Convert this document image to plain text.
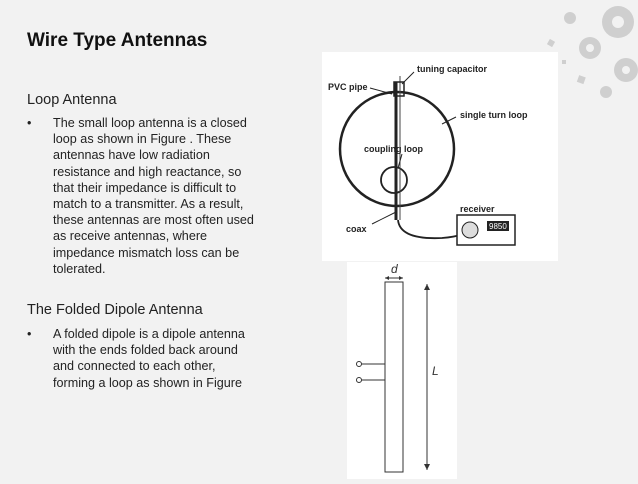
Wire Type Antennas
Loop Antenna
• The small loop antenna is a closed
loop as shown in Figure . These
antennas have low radiation
resistance and high reactance, so
that their impedance is difficult to
match to a transmitter. As a result,
these antennas are most often used
as receive antennas, where
impedance mismatch loss can be
tolerated.
The Folded Dipole Antenna
• A folded dipole is a dipole antenna
with the ends folded back around
and connected to each other,
forming a loop as shown in Figure
9850
PVC pipe
tuning capacitor
single turn loop
coupling loop
receiver
coax
d
L
